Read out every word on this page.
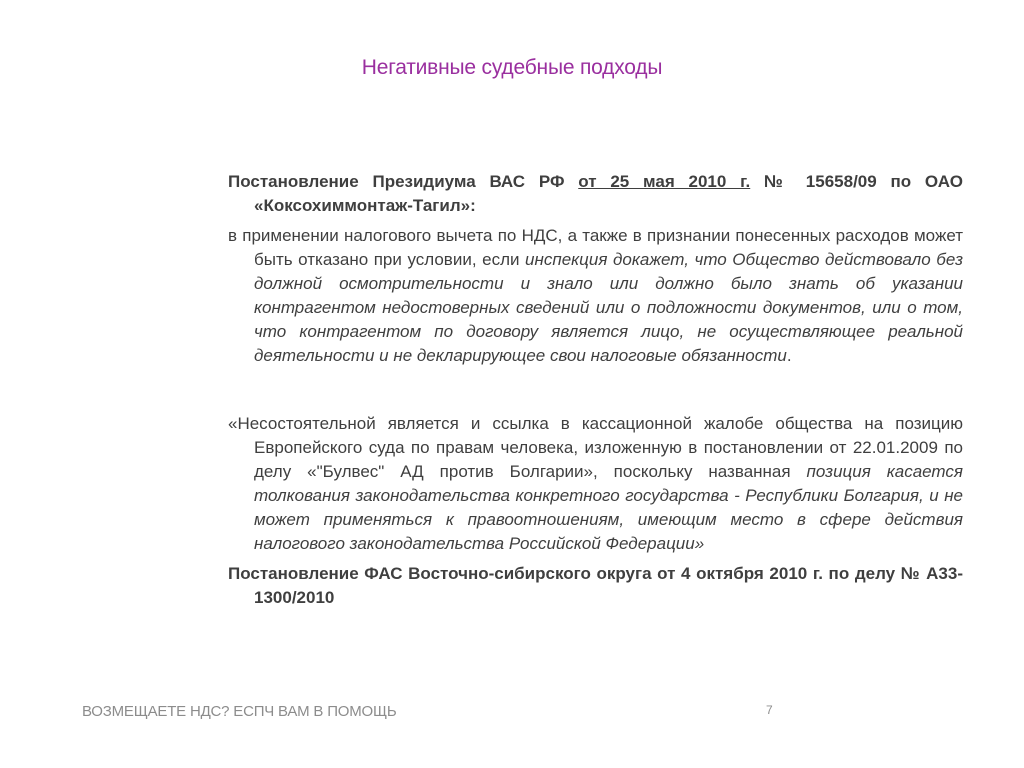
Негативные судебные подходы

Постановление Президиума ВАС РФ от 25 мая 2010 г. № 15658/09 по ОАО «Коксохиммонтаж-Тагил»:

в применении налогового вычета по НДС, а также в признании понесенных расходов может быть отказано при условии, если инспекция докажет, что Общество действовало без должной осмотрительности и знало или должно было знать об указании контрагентом недостоверных сведений или о подложности документов, или о том, что контрагентом по договору является лицо, не осуществляющее реальной деятельности и не декларирующее свои налоговые обязанности.

«Несостоятельной является и ссылка в кассационной жалобе общества на позицию Европейского суда по правам человека, изложенную в постановлении от 22.01.2009 по делу «"Булвес" АД против Болгарии», поскольку названная позиция касается толкования законодательства конкретного государства - Республики Болгария, и не может применяться к правоотношениям, имеющим место в сфере действия налогового законодательства Российской Федерации»

Постановление ФАС Восточно-сибирского округа от 4 октября 2010 г. по делу № А33-1300/2010

ВОЗМЕЩАЕТЕ НДС? ЕСПЧ ВАМ В ПОМОЩЬ	7
